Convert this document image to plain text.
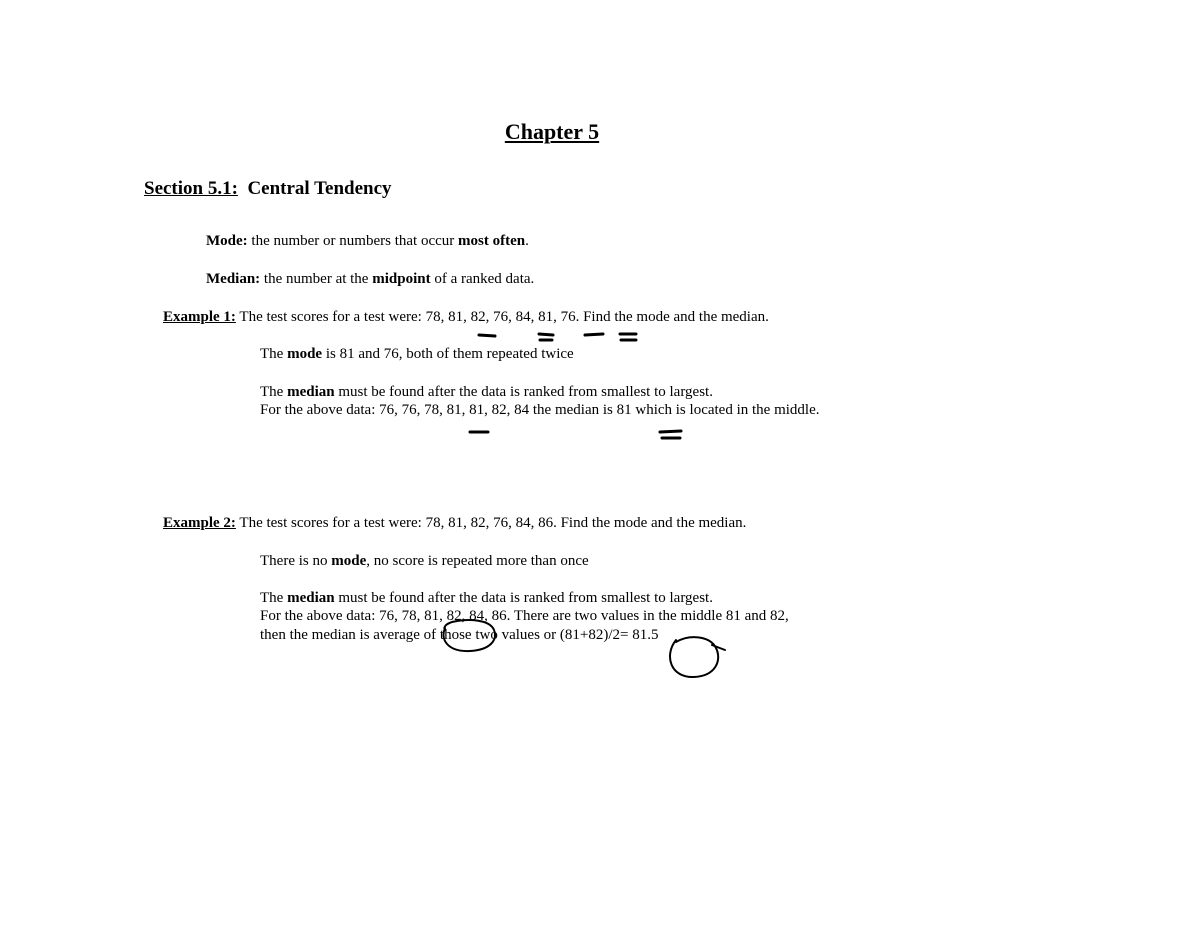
Chapter 5
Section 5.1: Central Tendency
Mode: the number or numbers that occur most often.
Median: the number at the midpoint of a ranked data.
Example 1: The test scores for a test were: 78, 81, 82, 76, 84, 81, 76. Find the mode and the median.
The mode is 81 and 76, both of them repeated twice
The median must be found after the data is ranked from smallest to largest.
For the above data: 76, 76, 78, 81, 81, 82, 84 the median is 81 which is located in the middle.
Example 2: The test scores for a test were: 78, 81, 82, 76, 84, 86. Find the mode and the median.
There is no mode, no score is repeated more than once
The median must be found after the data is ranked from smallest to largest.
For the above data: 76, 78, 81, 82, 84, 86. There are two values in the middle 81 and 82,
then the median is average of those two values or (81+82)/2= 81.5
